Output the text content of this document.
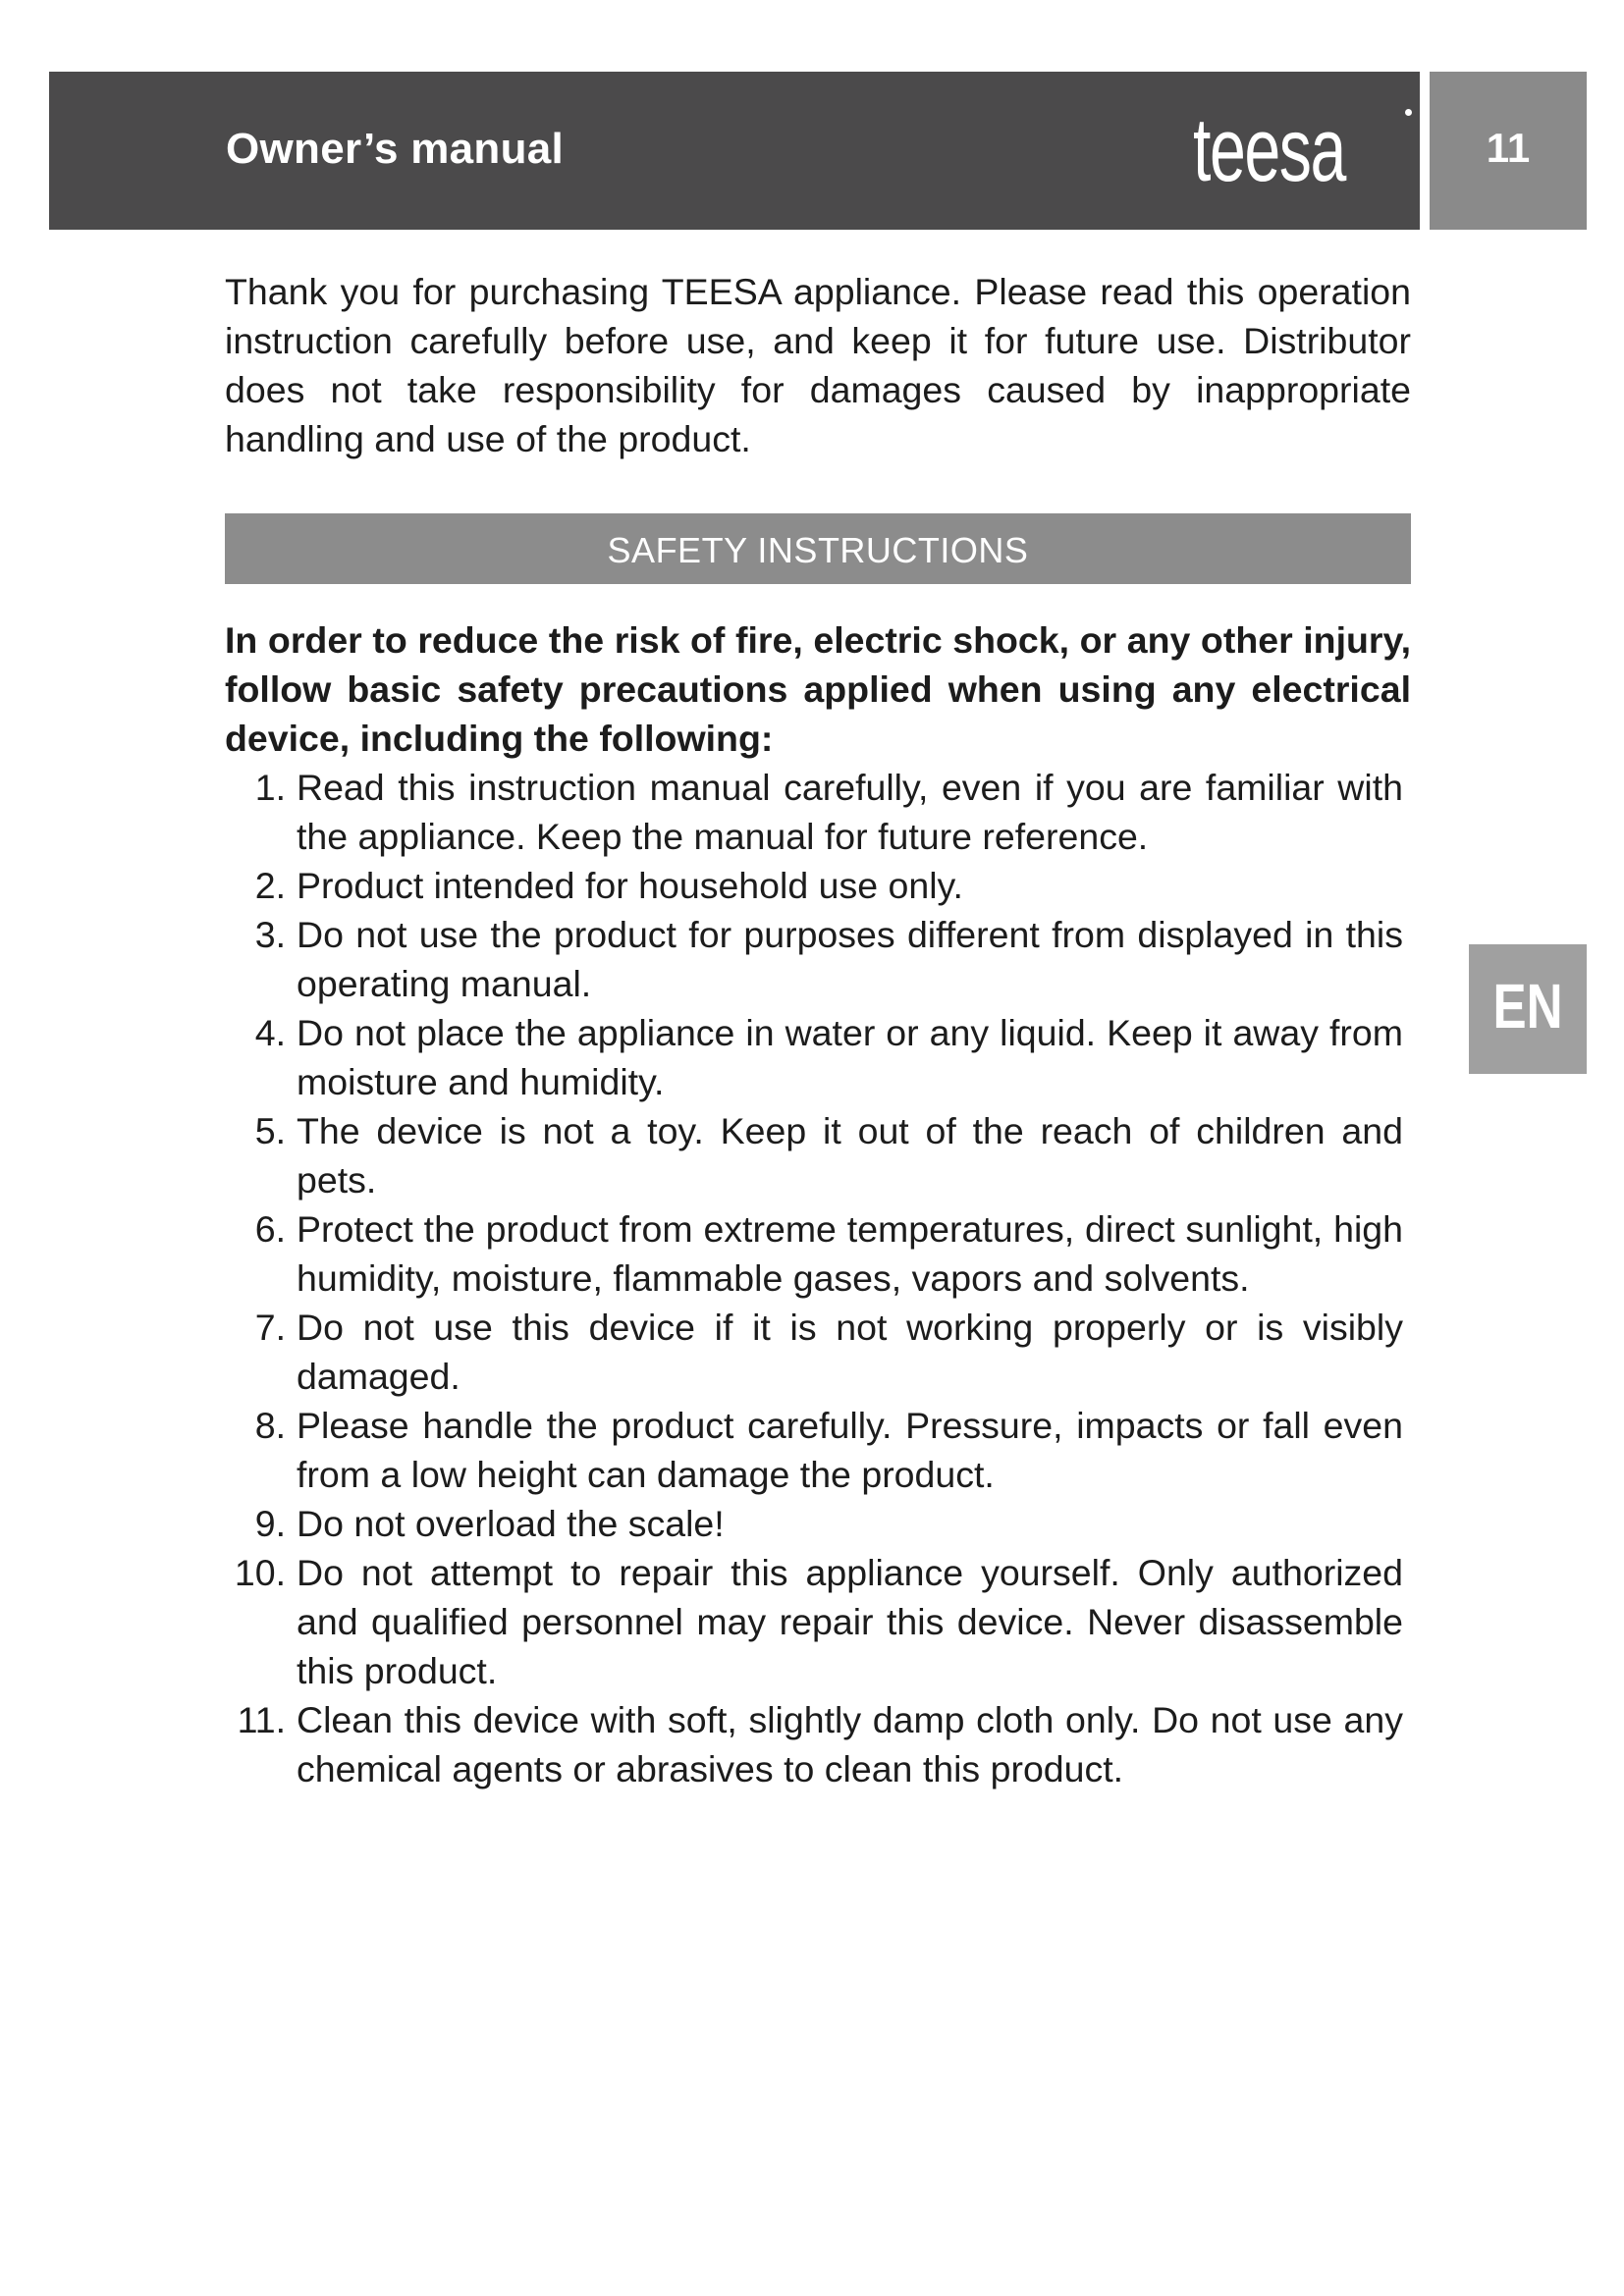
Owner’s manual	teesa	11
EN

Thank you for purchasing TEESA appliance. Please read this operation instruction carefully before use, and keep it for future use. Distributor does not take responsibility for damages caused by inappropriate handling and use of the product.

SAFETY INSTRUCTIONS

In order to reduce the risk of fire, electric shock, or any other injury, follow basic safety precautions applied when using any electrical device, including the following:

1. Read this instruction manual carefully, even if you are familiar with the appliance. Keep the manual for future reference.
2. Product intended for household use only.
3. Do not use the product for purposes different from displayed in this operating manual.
4. Do not place the appliance in water or any liquid. Keep it away from moisture and humidity.
5. The device is not a toy. Keep it out of the reach of children and pets.
6. Protect the product from extreme temperatures, direct sunlight, high humidity, moisture, flammable gases, vapors and solvents.
7. Do not use this device if it is not working properly or is visibly damaged.
8. Please handle the product carefully. Pressure, impacts or fall even from a low height can damage the product.
9. Do not overload the scale!
10. Do not attempt to repair this appliance yourself. Only authorized and qualified personnel may repair this device. Never disassemble this product.
11. Clean this device with soft, slightly damp cloth only. Do not use any chemical agents or abrasives to clean this product.
